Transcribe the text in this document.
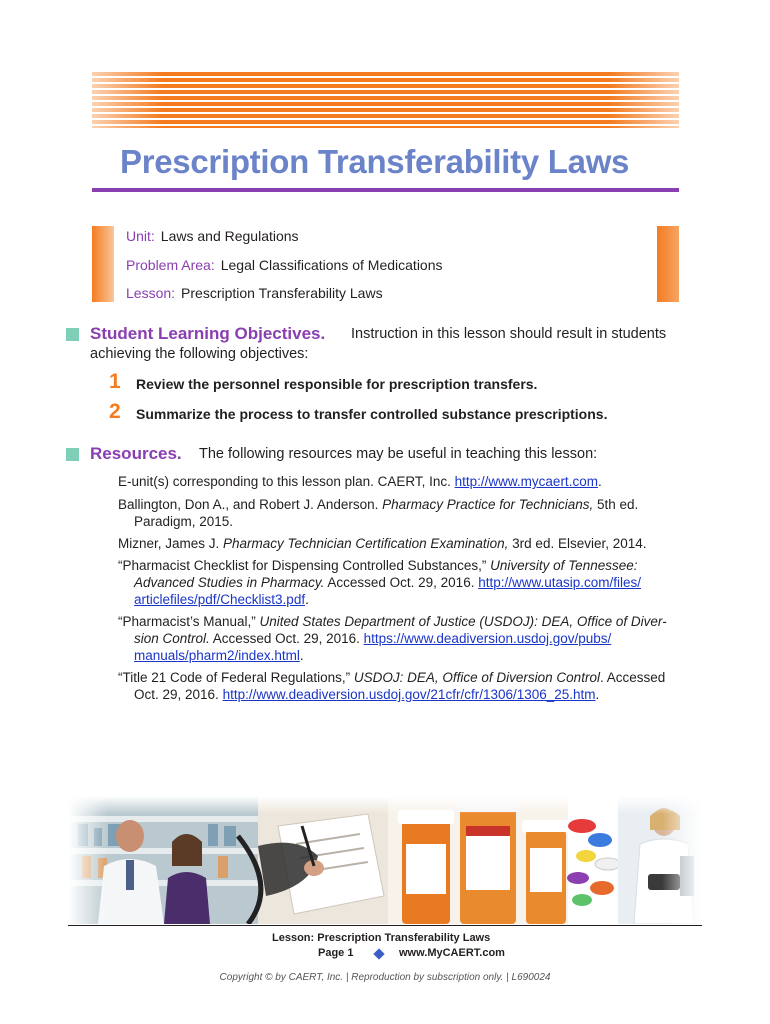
Prescription Transferability Laws
Unit: Laws and Regulations
Problem Area: Legal Classifications of Medications
Lesson: Prescription Transferability Laws
Student Learning Objectives. Instruction in this lesson should result in students
achieving the following objectives:
1 Review the personnel responsible for prescription transfers.
2 Summarize the process to transfer controlled substance prescriptions.
Resources. The following resources may be useful in teaching this lesson:
E-unit(s) corresponding to this lesson plan. CAERT, Inc. http://www.mycaert.com.
Ballington, Don A., and Robert J. Anderson. Pharmacy Practice for Technicians, 5th ed.
Paradigm, 2015.
Mizner, James J. Pharmacy Technician Certification Examination, 3rd ed. Elsevier, 2014.
“Pharmacist Checklist for Dispensing Controlled Substances,” University of Tennessee:
Advanced Studies in Pharmacy. Accessed Oct. 29, 2016. http://www.utasip.com/files/
articlefiles/pdf/Checklist3.pdf.
“Pharmacist’s Manual,” United States Department of Justice (USDOJ): DEA, Office of Diver-
sion Control. Accessed Oct. 29, 2016. https://www.deadiversion.usdoj.gov/pubs/
manuals/pharm2/index.html.
“Title 21 Code of Federal Regulations,” USDOJ: DEA, Office of Diversion Control. Accessed
Oct. 29, 2016. http://www.deadiversion.usdoj.gov/21cfr/cfr/1306/1306_25.htm.
Lesson: Prescription Transferability Laws
Page 1	www.MyCAERT.com
Copyright © by CAERT, Inc. | Reproduction by subscription only. | L690024
